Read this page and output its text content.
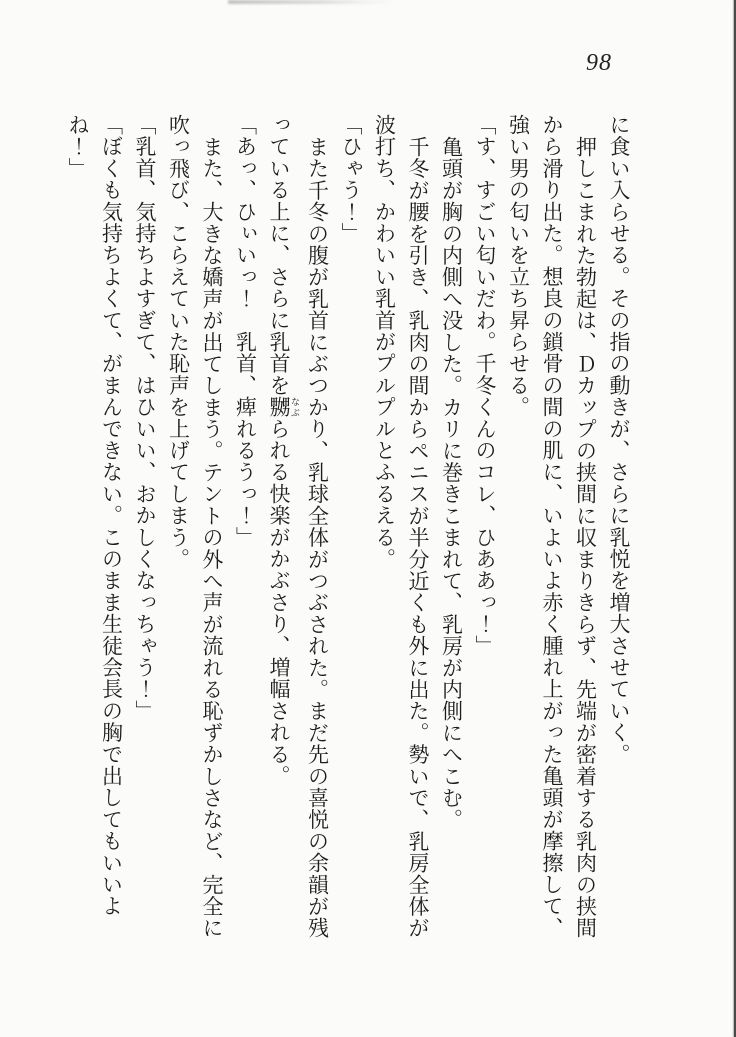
98

に食い入らせる。その指の動きが、さらに乳悦を増大させていく。

押しこまれた勃起は、Ｄカップの挟間に収まりきらず、先端が密着する乳肉の挟間

から滑り出た。想良の鎖骨の間の肌に、いよいよ赤く腫れ上がった亀頭が摩擦して、

強い男の匂いを立ち昇らせる。

「す、すごい匂いだわ。千冬くんのコレ、ひああっ！」

亀頭が胸の内側へ没した。カリに巻きこまれて、乳房が内側にへこむ。

千冬が腰を引き、乳肉の間からペニスが半分近くも外に出た。勢いで、乳房全体が

波打ち、かわいい乳首がプルプルとふるえる。

「ひゃう！」

また千冬の腹が乳首にぶつかり、乳球全体がつぶされた。まだ先の喜悦の余韻が残

っている上に、さらに乳首を嬲 なぶられる快楽がかぶさり、増幅される。

「あっ、ひぃいっ！　乳首、痺れるうっ！」

また、大きな嬌声が出てしまう。テントの外へ声が流れる恥ずかしさなど、完全に

吹っ飛び、こらえていた恥声を上げてしまう。

「乳首、気持ちよすぎて、はひいい、おかしくなっちゃう！」

「ぼくも気持ちよくて、がまんできない。このまま生徒会長の胸で出してもいいよ

ね！」
